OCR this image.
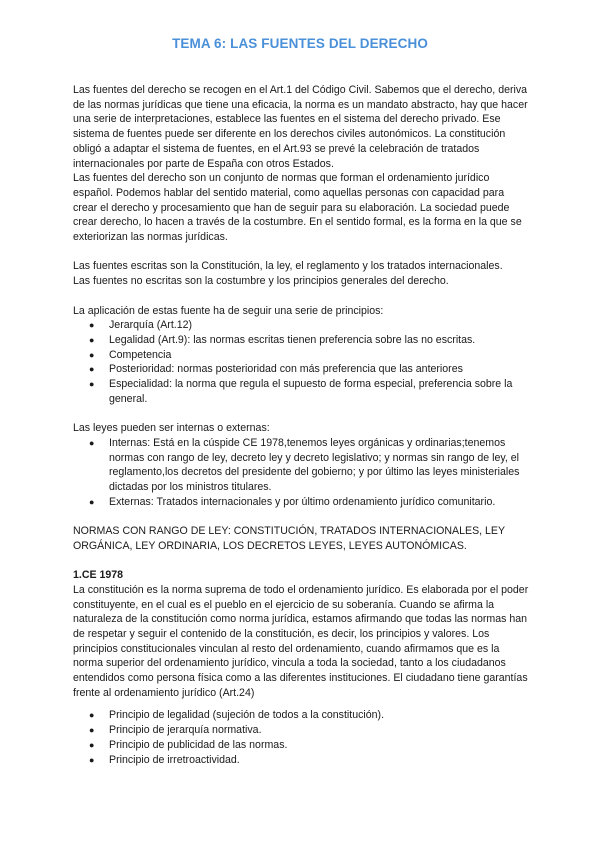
TEMA 6: LAS FUENTES DEL DERECHO

Las fuentes del derecho se recogen en el Art.1 del Código Civil. Sabemos que el derecho, deriva de las normas jurídicas que tiene una eficacia, la norma es un mandato abstracto, hay que hacer una serie de interpretaciones, establece las fuentes en el sistema del derecho privado. Ese sistema de fuentes puede ser diferente en los derechos civiles autonómicos. La constitución obligó a adaptar el sistema de fuentes, en el Art.93 se prevé la celebración de tratados internacionales por parte de España con otros Estados.

Las fuentes del derecho son un conjunto de normas que forman el ordenamiento jurídico español. Podemos hablar del sentido material, como aquellas personas con capacidad para crear el derecho y procesamiento que han de seguir para su elaboración. La sociedad puede crear derecho, lo hacen a través de la costumbre. En el sentido formal, es la forma en la que se exteriorizan las normas jurídicas.

Las fuentes escritas son la Constitución, la ley, el reglamento y los tratados internacionales.

Las fuentes no escritas son la costumbre y los principios generales del derecho.

La aplicación de estas fuente ha de seguir una serie de principios:

● Jerarquía (Art.12)
● Legalidad (Art.9): las normas escritas tienen preferencia sobre las no escritas.
● Competencia
● Posterioridad: normas posterioridad con más preferencia que las anteriores
● Especialidad: la norma que regula el supuesto de forma especial, preferencia sobre la general.

Las leyes pueden ser internas o externas:

● Internas: Está en la cúspide CE 1978,tenemos leyes orgánicas y ordinarias;tenemos normas con rango de ley, decreto ley y decreto legislativo; y normas sin rango de ley, el reglamento,los decretos del presidente del gobierno; y por último las leyes ministeriales dictadas por los ministros titulares.
● Externas: Tratados internacionales y por último ordenamiento jurídico comunitario.

NORMAS CON RANGO DE LEY: CONSTITUCIÓN, TRATADOS INTERNACIONALES, LEY ORGÁNICA, LEY ORDINARIA, LOS DECRETOS LEYES, LEYES AUTONÓMICAS.

1.CE 1978

La constitución es la norma suprema de todo el ordenamiento jurídico. Es elaborada por el poder constituyente, en el cual es el pueblo en el ejercicio de su soberanía. Cuando se afirma la naturaleza de la constitución como norma jurídica, estamos afirmando que todas las normas han de respetar y seguir el contenido de la constitución, es decir, los principios y valores. Los principios constitucionales vinculan al resto del ordenamiento, cuando afirmamos que es la norma superior del ordenamiento jurídico, vincula a toda la sociedad, tanto a los ciudadanos entendidos como persona física como a las diferentes instituciones. El ciudadano tiene garantías frente al ordenamiento jurídico (Art.24)

● Principio de legalidad (sujeción de todos a la constitución).
● Principio de jerarquía normativa.
● Principio de publicidad de las normas.
● Principio de irretroactividad.
